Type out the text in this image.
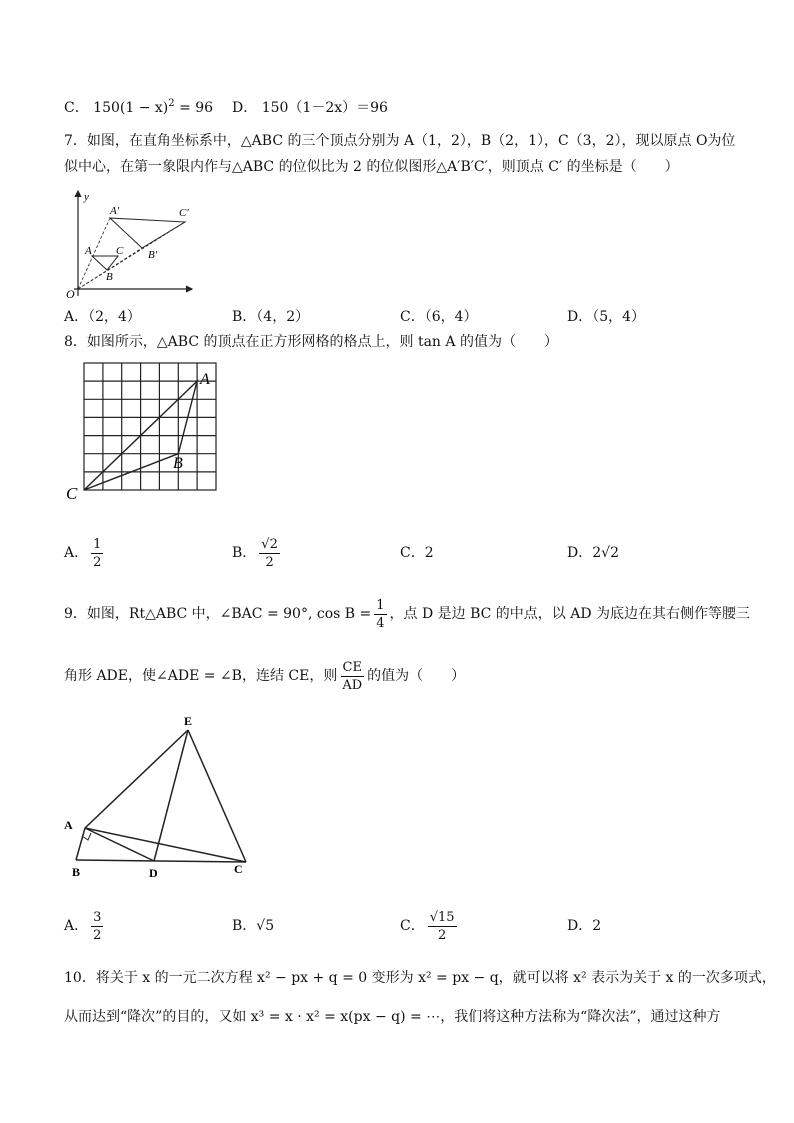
C． $150(1 - x)^2 = 96$ D． 150（1－2x）＝96
7．如图，在直角坐标系中，△ABC 的三个顶点分别为 A（1，2），B（2，1），C（3，2），现以原点 O为位
似中心，在第一象限内作与△ABC 的位似比为 2 的位似图形△A′B′C′，则顶点 C′ 的坐标是（　　）
y
O
A
B
C
A′
B′
C′
A．（2，4）	B．（4，2）	C．（6，4）	D．（5，4）
8．如图所示，△ABC 的顶点在正方形网格的格点上，则 tan A 的值为（　　）
A
B
C
A． $\frac{1}{2}$	B． $\frac{√2}{2}$	C．2	D．2√2
9．如图，Rt△ABC 中，∠BAC = 90°, $\cos B = \frac{1}{4}$ ，点 D 是边 BC 的中点，以 AD 为底边在其右侧作等腰三
角形 ADE，使∠ADE = ∠B，连结 CE，则 $\frac{CE}{AD}$ 的值为（　　）
E
A
B	D	C
A． $\frac{3}{2}$	B．√5	C． $\frac{√15}{2}$	D．2
10．将关于 x 的一元二次方程 x² − px + q = 0 变形为 x² = px − q，就可以将 x² 表示为关于 x 的一次多项式，
从而达到“降次”的目的，又如 x³ = x · x² = x(px − q) = ⋯，我们将这种方法称为“降次法”，通过这种方
